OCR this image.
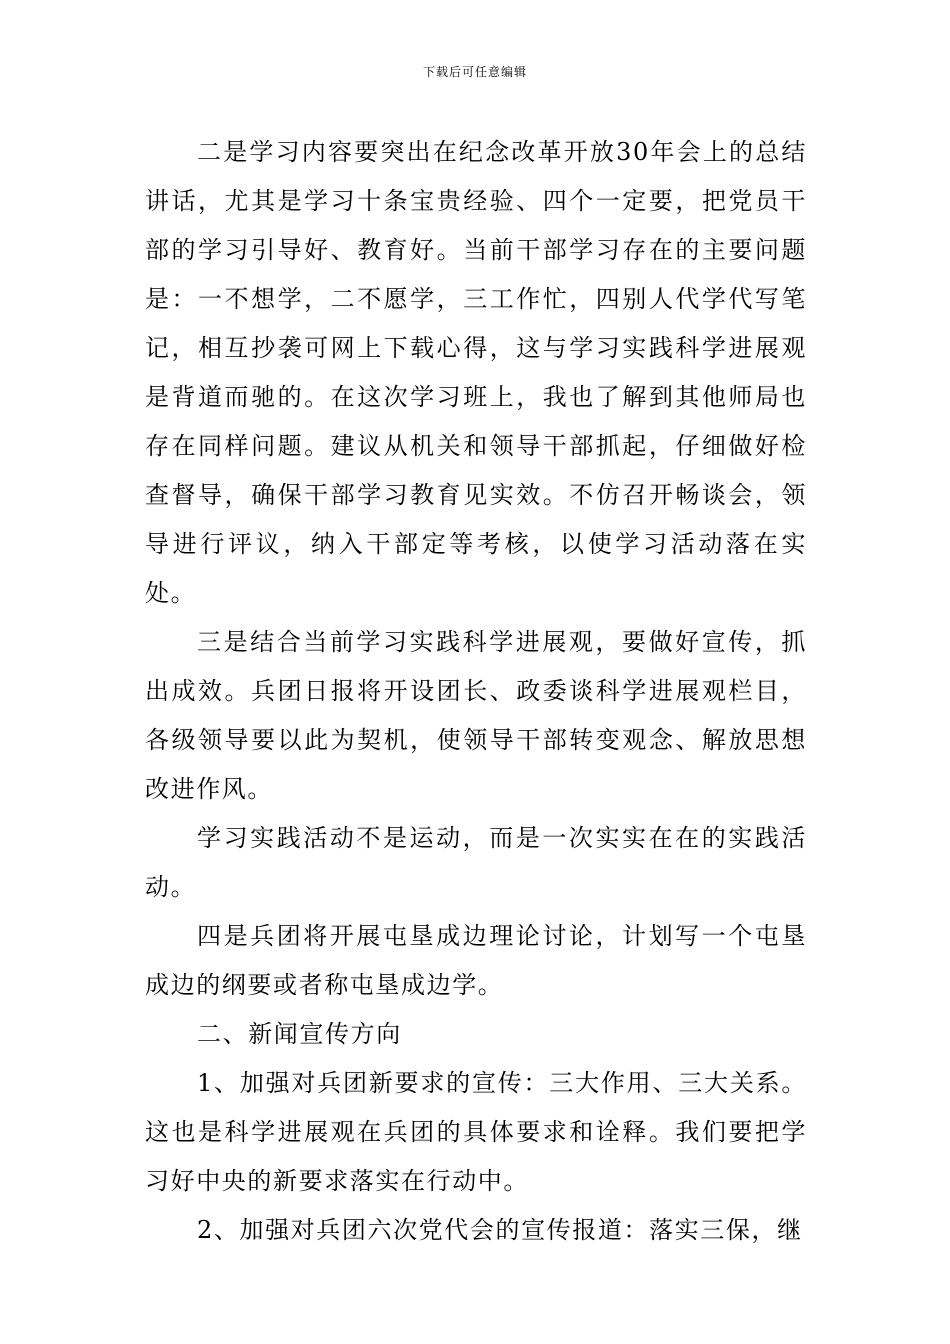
下载后可任意编辑

二是学习内容要突出在纪念改革开放30年会上的总结讲话，尤其是学习十条宝贵经验、四个一定要，把党员干部的学习引导好、教育好。当前干部学习存在的主要问题是：一不想学，二不愿学，三工作忙，四别人代学代写笔记，相互抄袭可网上下载心得，这与学习实践科学进展观是背道而驰的。在这次学习班上，我也了解到其他师局也存在同样问题。建议从机关和领导干部抓起，仔细做好检查督导，确保干部学习教育见实效。不仿召开畅谈会，领导进行评议，纳入干部定等考核，以使学习活动落在实处。

三是结合当前学习实践科学进展观，要做好宣传，抓出成效。兵团日报将开设团长、政委谈科学进展观栏目，各级领导要以此为契机，使领导干部转变观念、解放思想改进作风。

学习实践活动不是运动，而是一次实实在在的实践活动。

四是兵团将开展屯垦成边理论讨论，计划写一个屯垦成边的纲要或者称屯垦成边学。

二、新闻宣传方向

1、加强对兵团新要求的宣传：三大作用、三大关系。这也是科学进展观在兵团的具体要求和诠释。我们要把学习好中央的新要求落实在行动中。

2、加强对兵团六次党代会的宣传报道：落实三保，继
